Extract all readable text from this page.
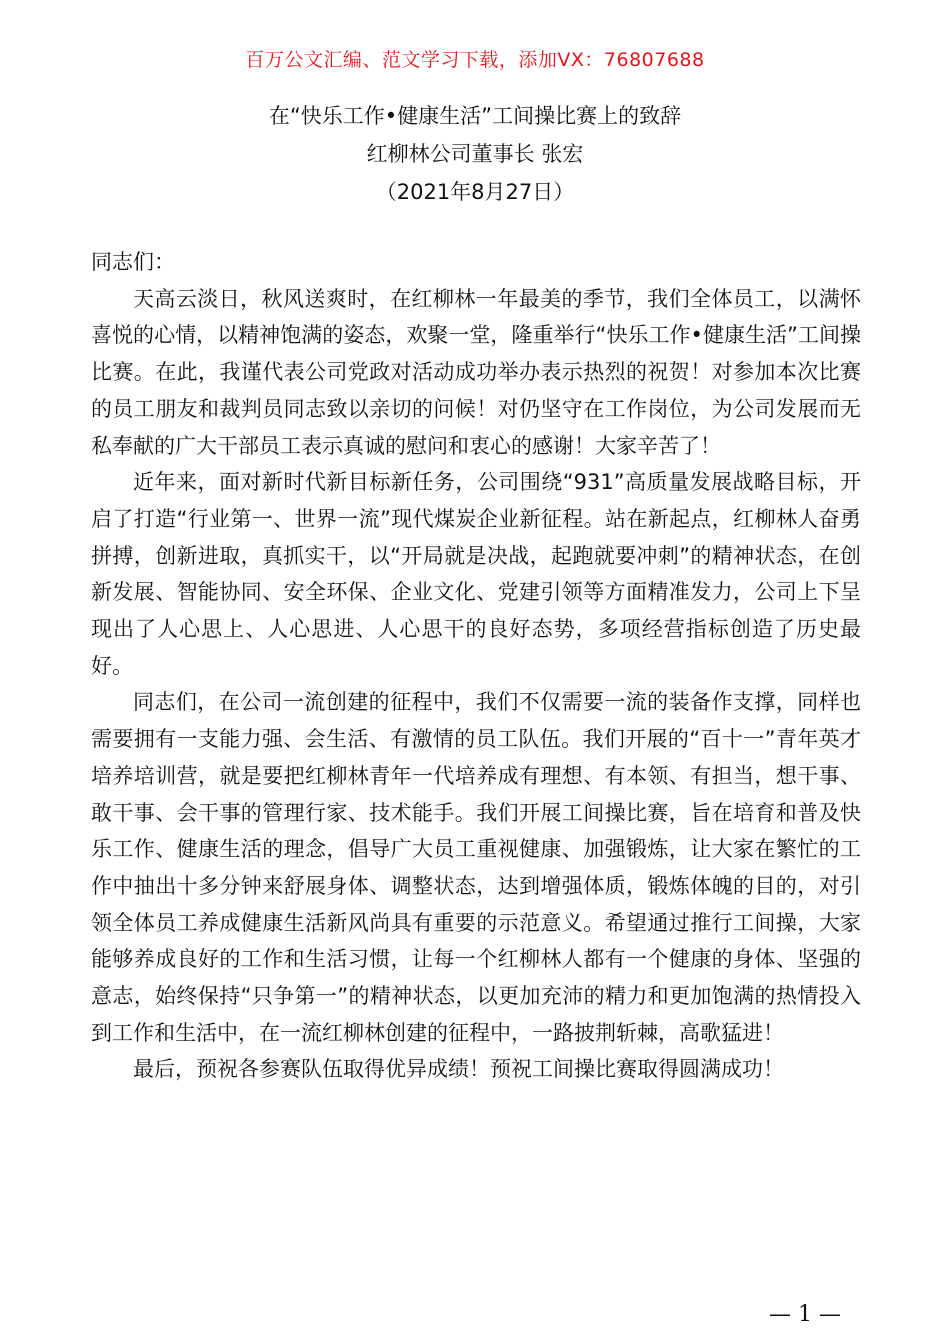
百万公文汇编、范文学习下载，添加VX：76807688
在“快乐工作•健康生活”工间操比赛上的致辞
红柳林公司董事长 张宏
（2021年8月27日）

同志们：

天高云淡日，秋风送爽时，在红柳林一年最美的季节，我们全体员工，以满怀喜悦的心情，以精神饱满的姿态，欢聚一堂，隆重举行“快乐工作•健康生活”工间操比赛。在此，我谨代表公司党政对活动成功举办表示热烈的祝贺！对参加本次比赛的员工朋友和裁判员同志致以亲切的问候！对仍坚守在工作岗位，为公司发展而无私奉献的广大干部员工表示真诚的慰问和衷心的感谢！大家辛苦了！

近年来，面对新时代新目标新任务，公司围绕“931”高质量发展战略目标，开启了打造“行业第一、世界一流”现代煤炭企业新征程。站在新起点，红柳林人奋勇拼搏，创新进取，真抓实干，以“开局就是决战，起跑就要冲刺”的精神状态，在创新发展、智能协同、安全环保、企业文化、党建引领等方面精准发力，公司上下呈现出了人心思上、人心思进、人心思干的良好态势，多项经营指标创造了历史最好。

同志们，在公司一流创建的征程中，我们不仅需要一流的装备作支撑，同样也需要拥有一支能力强、会生活、有激情的员工队伍。我们开展的“百十一”青年英才培养培训营，就是要把红柳林青年一代培养成有理想、有本领、有担当，想干事、敢干事、会干事的管理行家、技术能手。我们开展工间操比赛，旨在培育和普及快乐工作、健康生活的理念，倡导广大员工重视健康、加强锻炼，让大家在繁忙的工作中抽出十多分钟来舒展身体、调整状态，达到增强体质，锻炼体魄的目的，对引领全体员工养成健康生活新风尚具有重要的示范意义。希望通过推行工间操，大家能够养成良好的工作和生活习惯，让每一个红柳林人都有一个健康的身体、坚强的意志，始终保持“只争第一”的精神状态，以更加充沛的精力和更加饱满的热情投入到工作和生活中，在一流红柳林创建的征程中，一路披荆斩棘，高歌猛进！

最后，预祝各参赛队伍取得优异成绩！预祝工间操比赛取得圆满成功！

— 1 —
